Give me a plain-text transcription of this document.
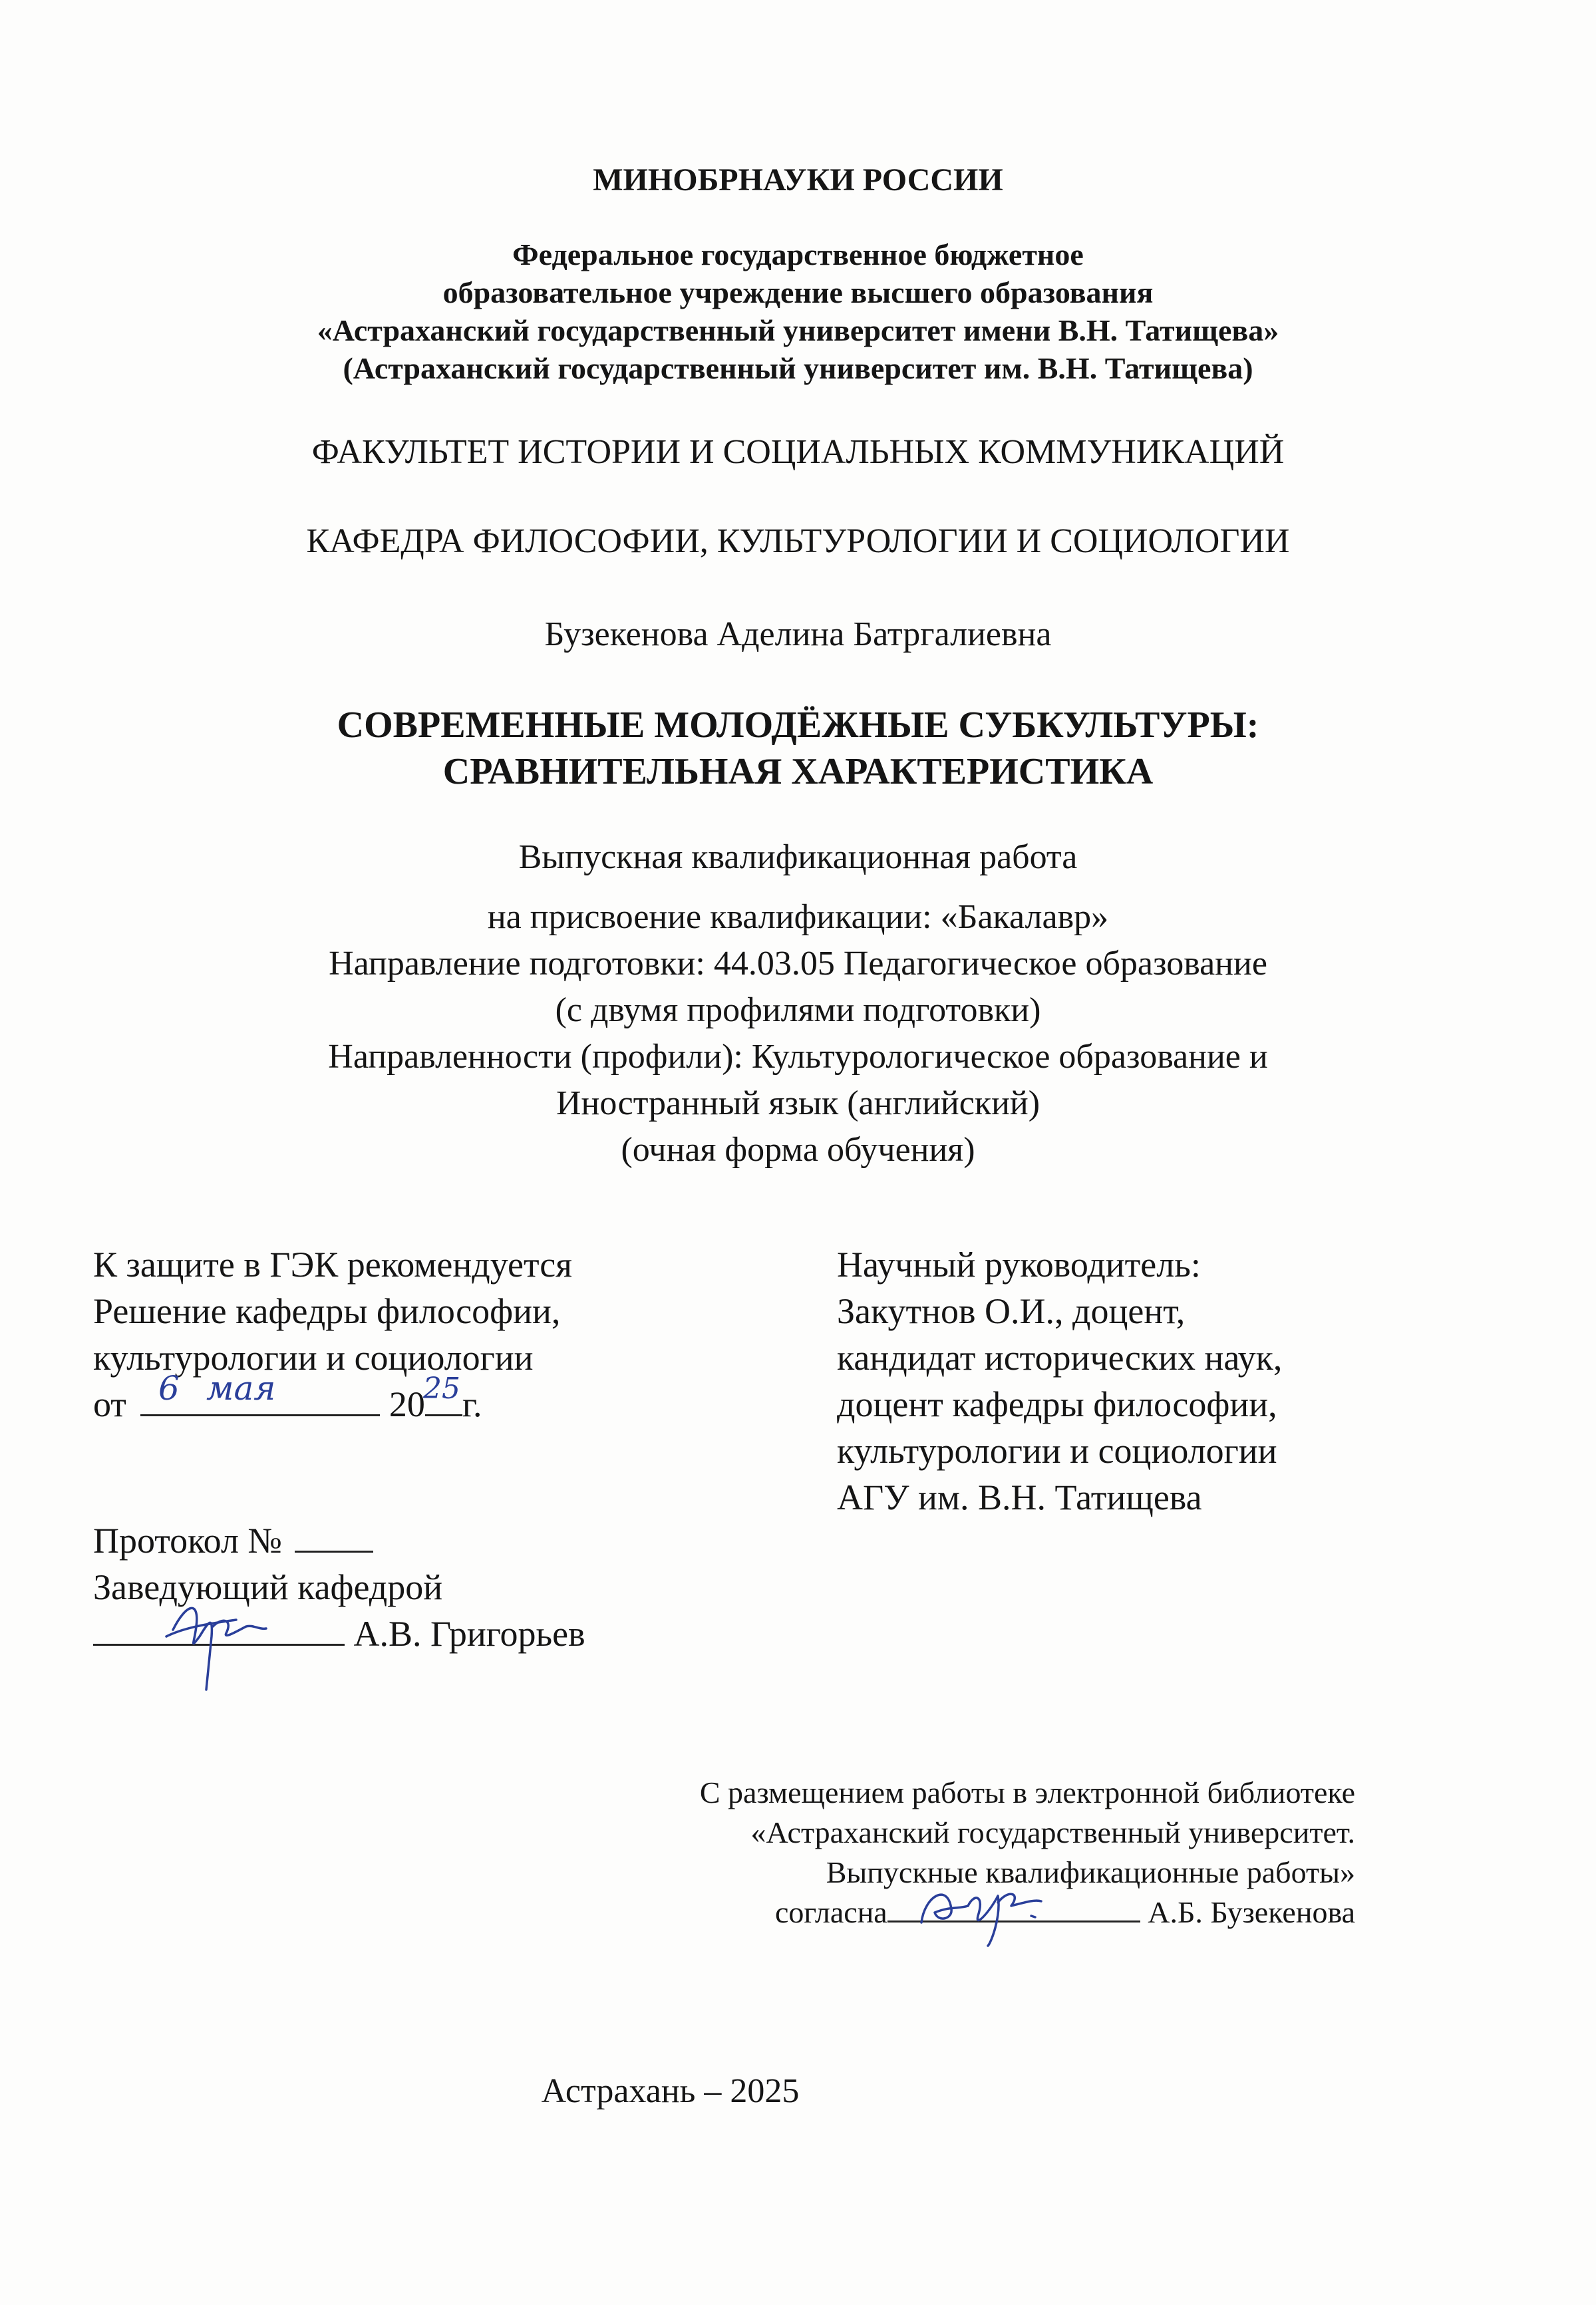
МИНОБРНАУКИ РОССИИ
Федеральное государственное бюджетное
образовательное учреждение высшего образования
«Астраханский государственный университет имени В.Н. Татищева»
(Астраханский государственный университет им. В.Н. Татищева)
ФАКУЛЬТЕТ ИСТОРИИ И СОЦИАЛЬНЫХ КОММУНИКАЦИЙ
КАФЕДРА ФИЛОСОФИИ, КУЛЬТУРОЛОГИИ И СОЦИОЛОГИИ
Бузекенова Аделина Батргалиевна
СОВРЕМЕННЫЕ МОЛОДЁЖНЫЕ СУБКУЛЬТУРЫ:
СРАВНИТЕЛЬНАЯ ХАРАКТЕРИСТИКА
Выпускная квалификационная работа
на присвоение квалификации: «Бакалавр»
Направление подготовки: 44.03.05 Педагогическое образование
(с двумя профилями подготовки)
Направленности (профили): Культурологическое образование и
Иностранный язык (английский)
(очная форма обучения)
К защите в ГЭК рекомендуется
Решение кафедры философии,
культурологии и социологии
от	20 г.
6 мая	25
Протокол №
Заведующий кафедрой
А.В. Григорьев
Научный руководитель:
Закутнов О.И., доцент,
кандидат исторических наук,
доцент кафедры философии,
культурологии и социологии
АГУ им. В.Н. Татищева
С размещением работы в электронной библиотеке
«Астраханский государственный университет.
Выпускные квалификационные работы»
согласна	А.Б. Бузекенова
Астрахань – 2025
